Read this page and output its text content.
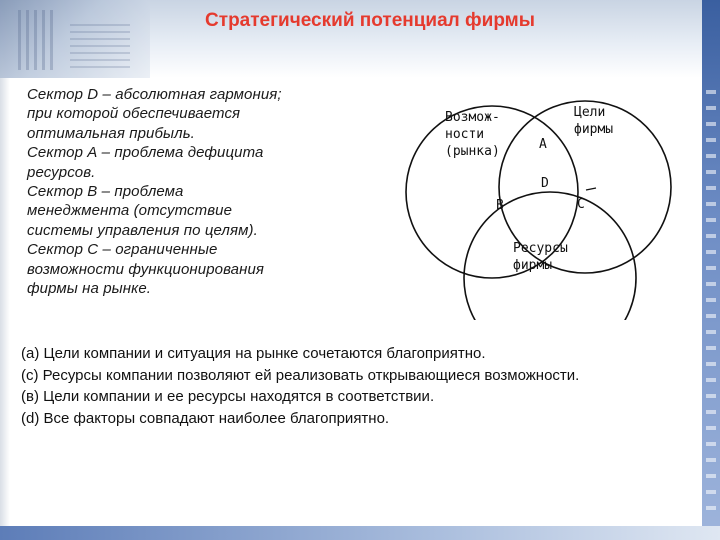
Стратегический потенциал фирмы
Сектор D – абсолютная гармония;
при которой обеспечивается
оптимальная прибыль.
Сектор А – проблема дефицита
ресурсов.
Сектор В – проблема
менеджмента (отсутствие
системы управления по целям).
Сектор С – ограниченные
возможности функционирования
фирмы на рынке.
Возмож-
ности
(рынка)
Цели
фирмы
A
D
B	C
Ресурсы
фирмы
(а) Цели компании и ситуация на рынке сочетаются благоприятно.
(с) Ресурсы компании позволяют ей реализовать открывающиеся возможности.
(в) Цели компании и ее ресурсы находятся в соответствии.
(d) Все факторы совпадают наиболее благоприятно.
